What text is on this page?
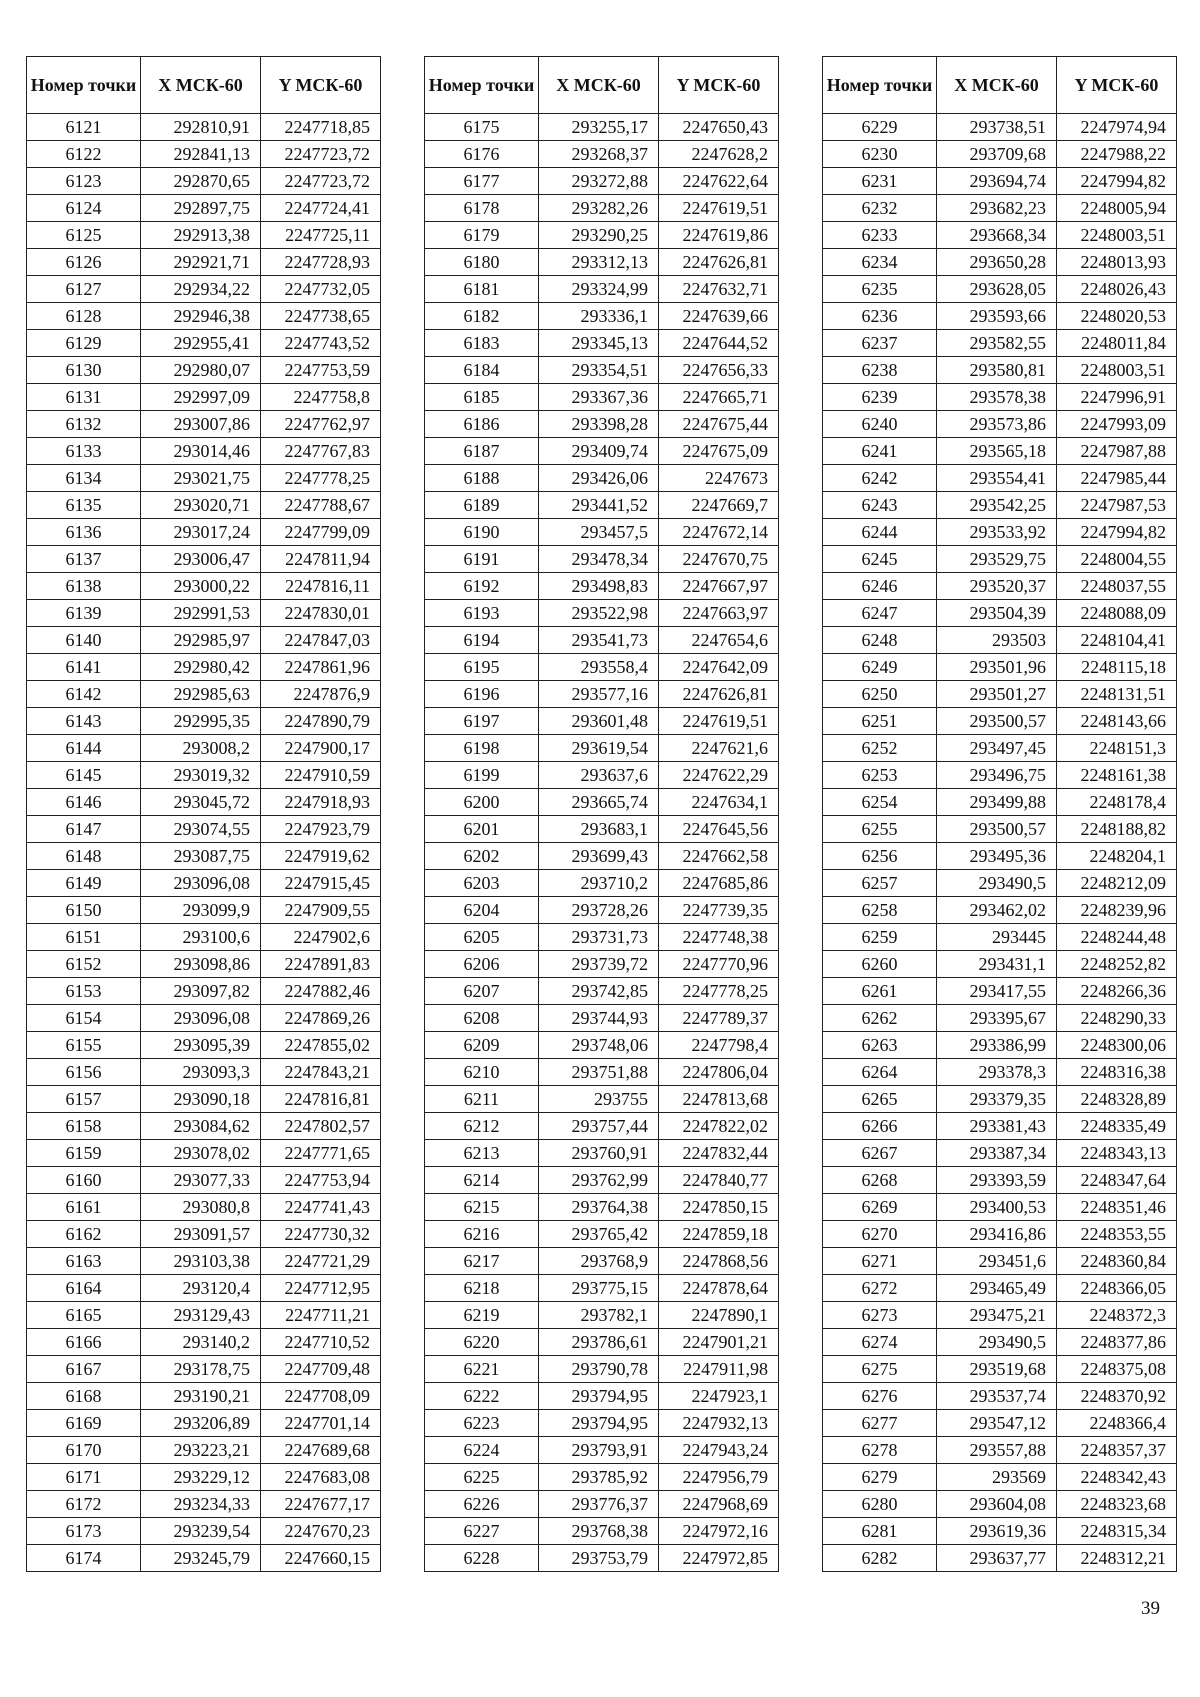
Номер точки	X МСК-60	Y МСК-60
6121	292810,91	2247718,85
6122	292841,13	2247723,72
6123	292870,65	2247723,72
6124	292897,75	2247724,41
6125	292913,38	2247725,11
6126	292921,71	2247728,93
6127	292934,22	2247732,05
6128	292946,38	2247738,65
6129	292955,41	2247743,52
6130	292980,07	2247753,59
6131	292997,09	2247758,8
6132	293007,86	2247762,97
6133	293014,46	2247767,83
6134	293021,75	2247778,25
6135	293020,71	2247788,67
6136	293017,24	2247799,09
6137	293006,47	2247811,94
6138	293000,22	2247816,11
6139	292991,53	2247830,01
6140	292985,97	2247847,03
6141	292980,42	2247861,96
6142	292985,63	2247876,9
6143	292995,35	2247890,79
6144	293008,2	2247900,17
6145	293019,32	2247910,59
6146	293045,72	2247918,93
6147	293074,55	2247923,79
6148	293087,75	2247919,62
6149	293096,08	2247915,45
6150	293099,9	2247909,55
6151	293100,6	2247902,6
6152	293098,86	2247891,83
6153	293097,82	2247882,46
6154	293096,08	2247869,26
6155	293095,39	2247855,02
6156	293093,3	2247843,21
6157	293090,18	2247816,81
6158	293084,62	2247802,57
6159	293078,02	2247771,65
6160	293077,33	2247753,94
6161	293080,8	2247741,43
6162	293091,57	2247730,32
6163	293103,38	2247721,29
6164	293120,4	2247712,95
6165	293129,43	2247711,21
6166	293140,2	2247710,52
6167	293178,75	2247709,48
6168	293190,21	2247708,09
6169	293206,89	2247701,14
6170	293223,21	2247689,68
6171	293229,12	2247683,08
6172	293234,33	2247677,17
6173	293239,54	2247670,23
6174	293245,79	2247660,15
Номер точки	X МСК-60	Y МСК-60
6175	293255,17	2247650,43
6176	293268,37	2247628,2
6177	293272,88	2247622,64
6178	293282,26	2247619,51
6179	293290,25	2247619,86
6180	293312,13	2247626,81
6181	293324,99	2247632,71
6182	293336,1	2247639,66
6183	293345,13	2247644,52
6184	293354,51	2247656,33
6185	293367,36	2247665,71
6186	293398,28	2247675,44
6187	293409,74	2247675,09
6188	293426,06	2247673
6189	293441,52	2247669,7
6190	293457,5	2247672,14
6191	293478,34	2247670,75
6192	293498,83	2247667,97
6193	293522,98	2247663,97
6194	293541,73	2247654,6
6195	293558,4	2247642,09
6196	293577,16	2247626,81
6197	293601,48	2247619,51
6198	293619,54	2247621,6
6199	293637,6	2247622,29
6200	293665,74	2247634,1
6201	293683,1	2247645,56
6202	293699,43	2247662,58
6203	293710,2	2247685,86
6204	293728,26	2247739,35
6205	293731,73	2247748,38
6206	293739,72	2247770,96
6207	293742,85	2247778,25
6208	293744,93	2247789,37
6209	293748,06	2247798,4
6210	293751,88	2247806,04
6211	293755	2247813,68
6212	293757,44	2247822,02
6213	293760,91	2247832,44
6214	293762,99	2247840,77
6215	293764,38	2247850,15
6216	293765,42	2247859,18
6217	293768,9	2247868,56
6218	293775,15	2247878,64
6219	293782,1	2247890,1
6220	293786,61	2247901,21
6221	293790,78	2247911,98
6222	293794,95	2247923,1
6223	293794,95	2247932,13
6224	293793,91	2247943,24
6225	293785,92	2247956,79
6226	293776,37	2247968,69
6227	293768,38	2247972,16
6228	293753,79	2247972,85
Номер точки	X МСК-60	Y МСК-60
6229	293738,51	2247974,94
6230	293709,68	2247988,22
6231	293694,74	2247994,82
6232	293682,23	2248005,94
6233	293668,34	2248003,51
6234	293650,28	2248013,93
6235	293628,05	2248026,43
6236	293593,66	2248020,53
6237	293582,55	2248011,84
6238	293580,81	2248003,51
6239	293578,38	2247996,91
6240	293573,86	2247993,09
6241	293565,18	2247987,88
6242	293554,41	2247985,44
6243	293542,25	2247987,53
6244	293533,92	2247994,82
6245	293529,75	2248004,55
6246	293520,37	2248037,55
6247	293504,39	2248088,09
6248	293503	2248104,41
6249	293501,96	2248115,18
6250	293501,27	2248131,51
6251	293500,57	2248143,66
6252	293497,45	2248151,3
6253	293496,75	2248161,38
6254	293499,88	2248178,4
6255	293500,57	2248188,82
6256	293495,36	2248204,1
6257	293490,5	2248212,09
6258	293462,02	2248239,96
6259	293445	2248244,48
6260	293431,1	2248252,82
6261	293417,55	2248266,36
6262	293395,67	2248290,33
6263	293386,99	2248300,06
6264	293378,3	2248316,38
6265	293379,35	2248328,89
6266	293381,43	2248335,49
6267	293387,34	2248343,13
6268	293393,59	2248347,64
6269	293400,53	2248351,46
6270	293416,86	2248353,55
6271	293451,6	2248360,84
6272	293465,49	2248366,05
6273	293475,21	2248372,3
6274	293490,5	2248377,86
6275	293519,68	2248375,08
6276	293537,74	2248370,92
6277	293547,12	2248366,4
6278	293557,88	2248357,37
6279	293569	2248342,43
6280	293604,08	2248323,68
6281	293619,36	2248315,34
6282	293637,77	2248312,21
39
